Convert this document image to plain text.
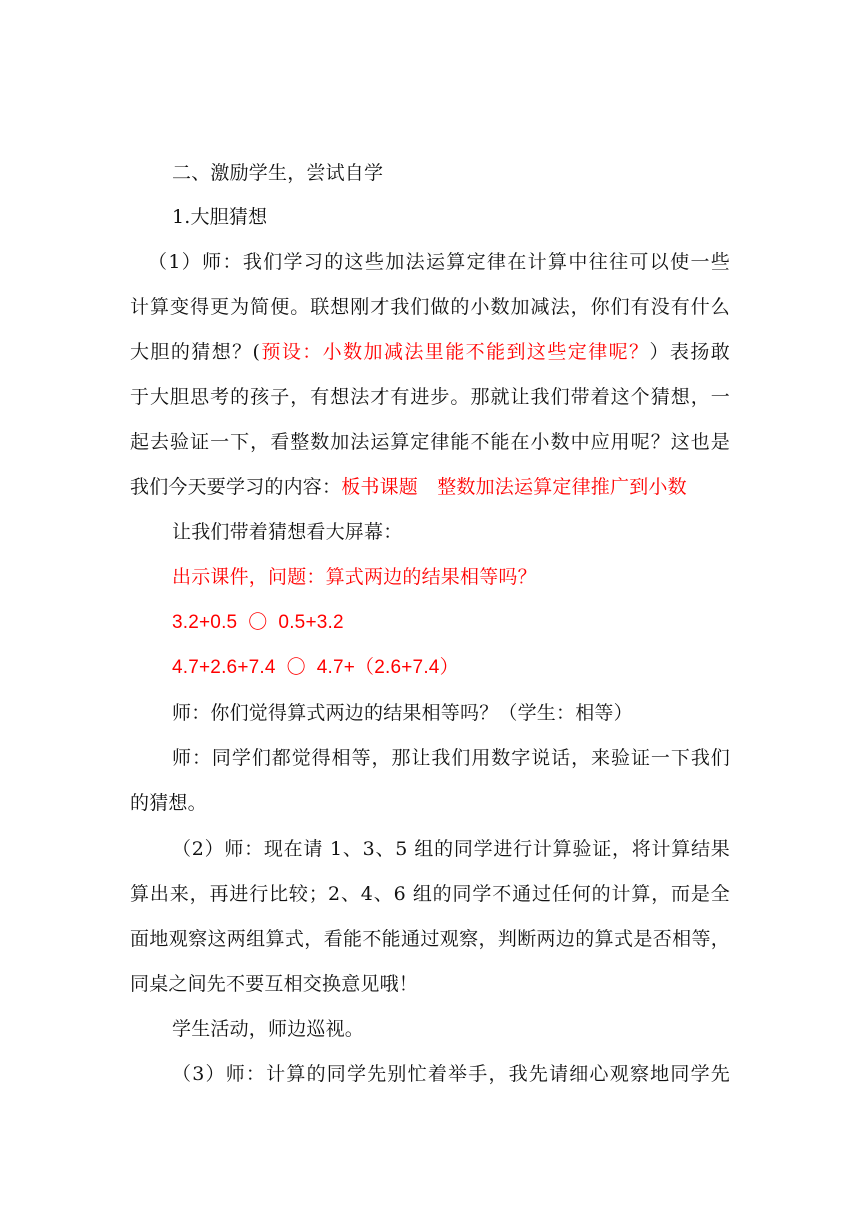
二、激励学生，尝试自学
1.大胆猜想
（1）师：我们学习的这些加法运算定律在计算中往往可以使一些
计算变得更为简便。联想刚才我们做的小数加减法，你们有没有什么
大胆的猜想？(预设：小数加减法里能不能到这些定律呢？）表扬敢
于大胆思考的孩子，有想法才有进步。那就让我们带着这个猜想，一
起去验证一下，看整数加法运算定律能不能在小数中应用呢？这也是
我们今天要学习的内容：板书课题　整数加法运算定律推广到小数
让我们带着猜想看大屏幕：
出示课件，问题：算式两边的结果相等吗？
3.2+0.5  〇  0.5+3.2
4.7+2.6+7.4  〇  4.7+（2.6+7.4）
师：你们觉得算式两边的结果相等吗？（学生：相等）
师：同学们都觉得相等，那让我们用数字说话，来验证一下我们
的猜想。
（2）师：现在请 1、3、5 组的同学进行计算验证，将计算结果
算出来，再进行比较；2、4、6 组的同学不通过任何的计算，而是全
面地观察这两组算式，看能不能通过观察，判断两边的算式是否相等，
同桌之间先不要互相交换意见哦！
学生活动，师边巡视。
（3）师：计算的同学先别忙着举手，我先请细心观察地同学先
